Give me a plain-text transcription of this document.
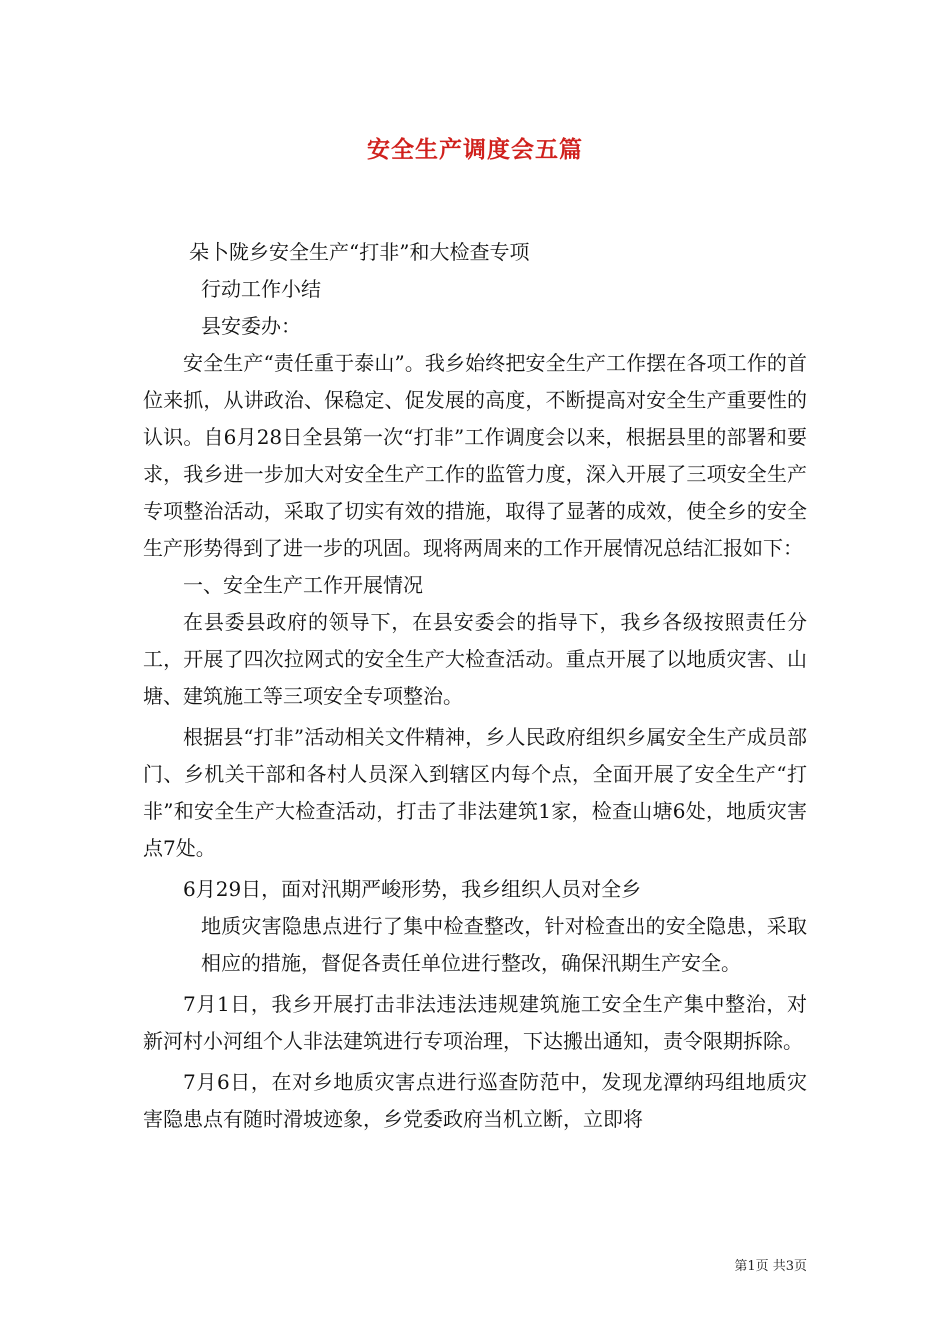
安全生产调度会五篇

朵卜陇乡安全生产“打非”和大检查专项

行动工作小结

县安委办：

安全生产“责任重于泰山”。我乡始终把安全生产工作摆在各项工作的首位来抓，从讲政治、保稳定、促发展的高度，不断提高对安全生产重要性的认识。自6月28日全县第一次“打非”工作调度会以来，根据县里的部署和要求，我乡进一步加大对安全生产工作的监管力度，深入开展了三项安全生产专项整治活动，采取了切实有效的措施，取得了显著的成效，使全乡的安全生产形势得到了进一步的巩固。现将两周来的工作开展情况总结汇报如下：

一、安全生产工作开展情况

在县委县政府的领导下，在县安委会的指导下，我乡各级按照责任分工，开展了四次拉网式的安全生产大检查活动。重点开展了以地质灾害、山塘、建筑施工等三项安全专项整治。

根据县“打非”活动相关文件精神，乡人民政府组织乡属安全生产成员部门、乡机关干部和各村人员深入到辖区内每个点，全面开展了安全生产“打非”和安全生产大检查活动，打击了非法建筑1家，检查山塘6处，地质灾害点7处。

6月29日，面对汛期严峻形势，我乡组织人员对全乡

地质灾害隐患点进行了集中检查整改，针对检查出的安全隐患，采取相应的措施，督促各责任单位进行整改，确保汛期生产安全。

7月1日，我乡开展打击非法违法违规建筑施工安全生产集中整治，对新河村小河组个人非法建筑进行专项治理，下达搬出通知，责令限期拆除。

7月6日，在对乡地质灾害点进行巡查防范中，发现龙潭纳玛组地质灾害隐患点有随时滑坡迹象，乡党委政府当机立断，立即将

第1页 共3页
